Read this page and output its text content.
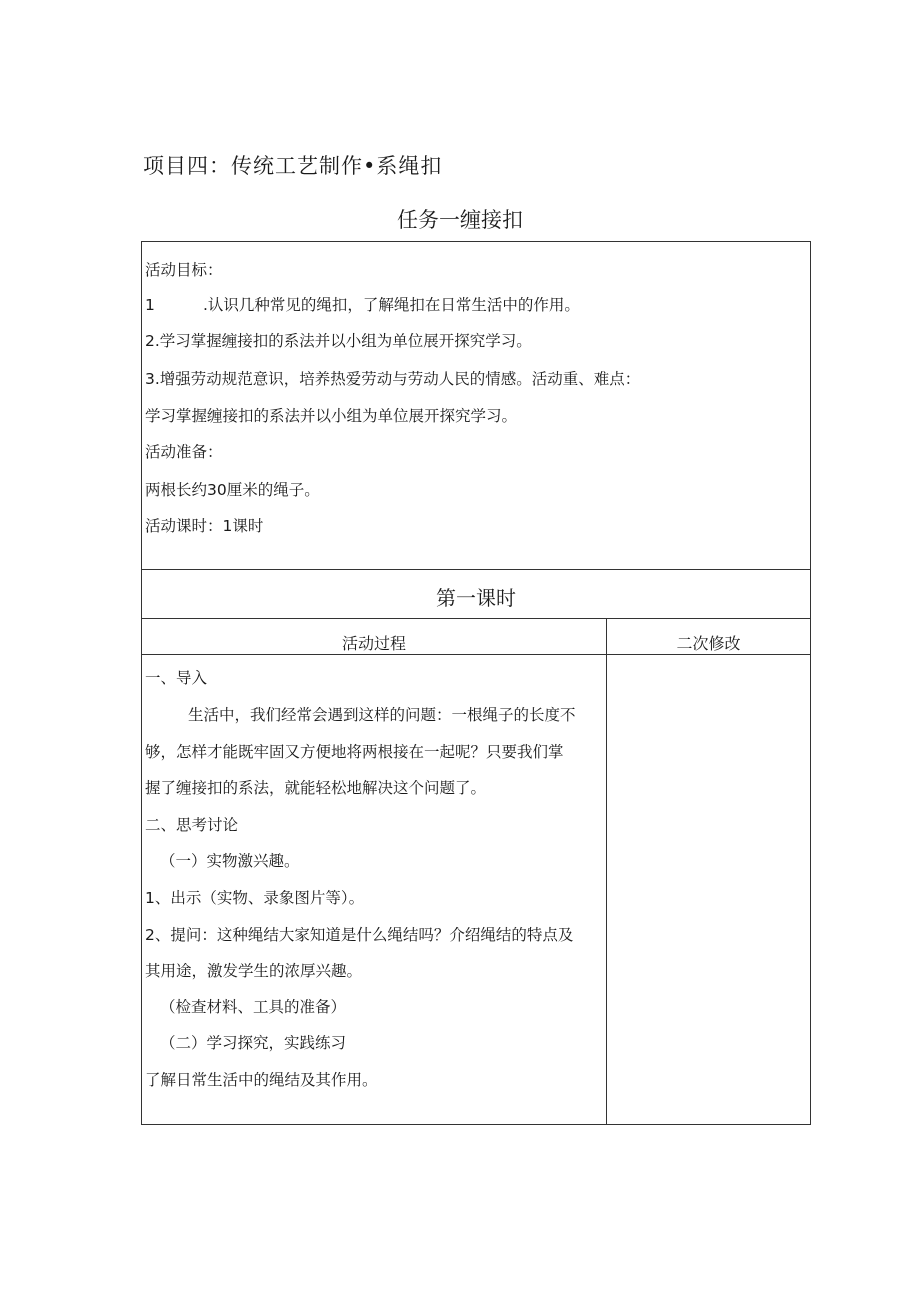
项目四：传统工艺制作•系绳扣
任务一缠接扣
活动目标：
1	.认识几种常见的绳扣，了解绳扣在日常生活中的作用。
2.学习掌握缠接扣的系法并以小组为单位展开探究学习。
3.增强劳动规范意识，培养热爱劳动与劳动人民的情感。活动重、难点：
学习掌握缠接扣的系法并以小组为单位展开探究学习。
活动准备：
两根长约30厘米的绳子。
活动课时：1课时
第一课时
活动过程	二次修改
一、导入
生活中，我们经常会遇到这样的问题：一根绳子的长度不
够，怎样才能既牢固又方便地将两根接在一起呢？只要我们掌
握了缠接扣的系法，就能轻松地解决这个问题了。
二、思考讨论
（一）实物激兴趣。
1、出示（实物、录象图片等）。
2、提问：这种绳结大家知道是什么绳结吗？介绍绳结的特点及
其用途，激发学生的浓厚兴趣。
（检查材料、工具的准备）
（二）学习探究，实践练习
了解日常生活中的绳结及其作用。
